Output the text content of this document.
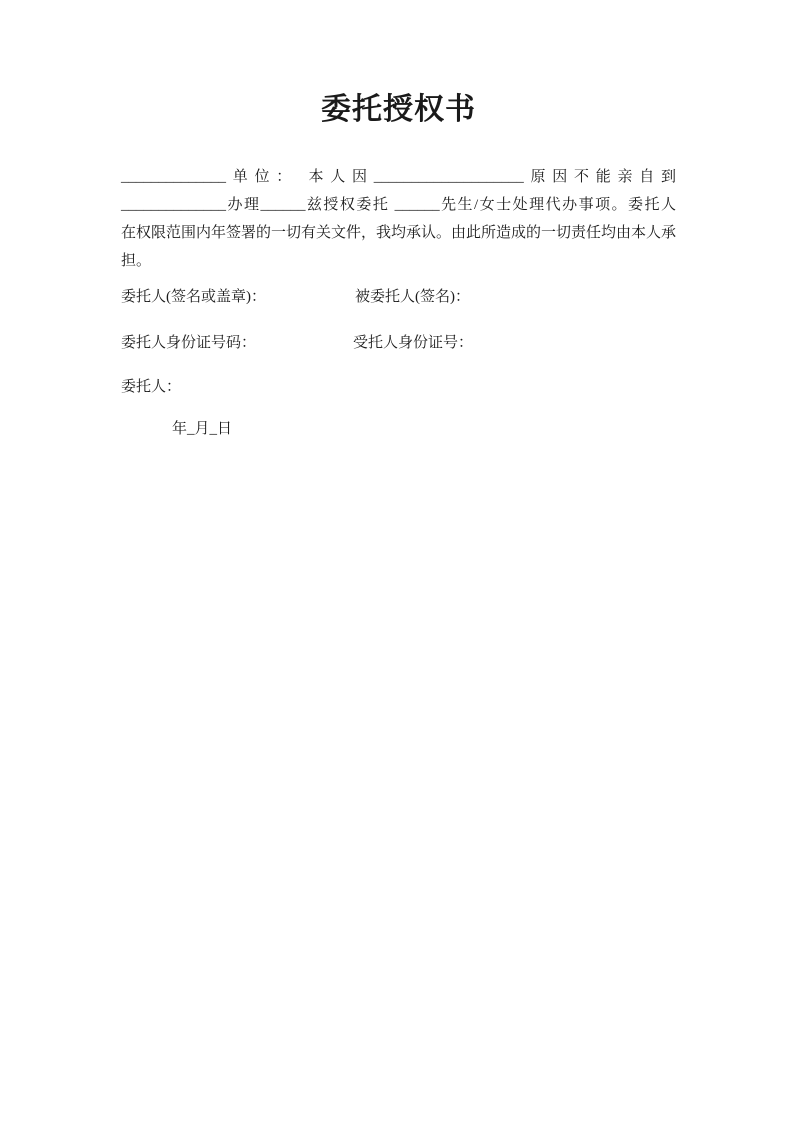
委托授权书
______________单位： 本人因____________________原因不能亲自到
______________办理______兹授权委托 ______先生/女士处理代办事项。委托人
在权限范围内年签署的一切有关文件，我均承认。由此所造成的一切责任均由本人承
担。
委托人(签名或盖章)：	被委托人(签名)：
委托人身份证号码：	受托人身份证号：
委托人：
年_月_日
